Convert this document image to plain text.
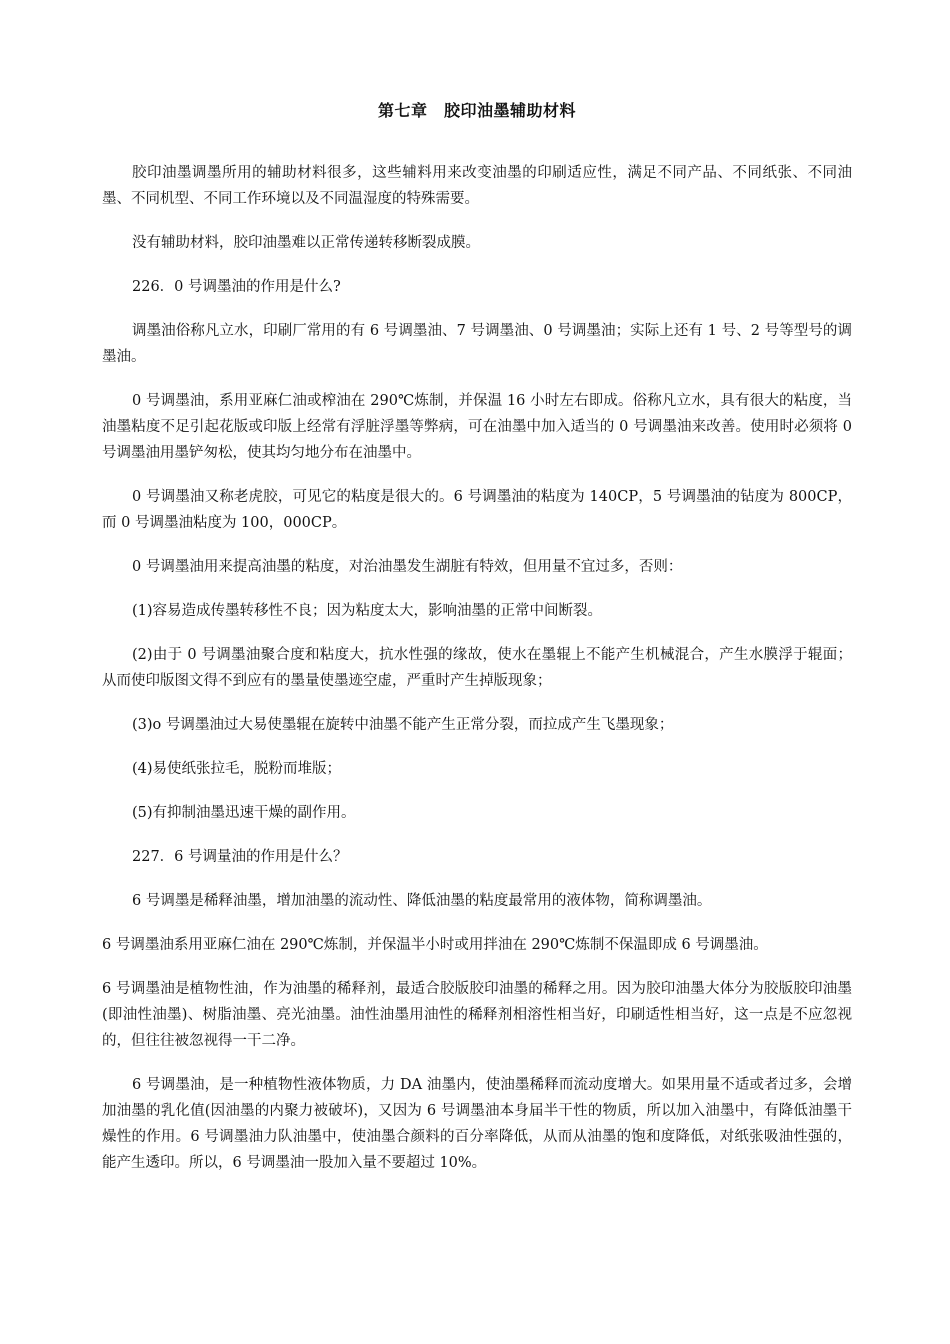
第七章　胶印油墨辅助材料

胶印油墨调墨所用的辅助材料很多，这些辅料用来改变油墨的印刷适应性，满足不同产品、不同纸张、不同油墨、不同机型、不同工作环境以及不同温湿度的特殊需要。

没有辅助材料，胶印油墨难以正常传递转移断裂成膜。

226．0 号调墨油的作用是什么?

调墨油俗称凡立水，印刷厂常用的有 6 号调墨油、7 号调墨油、0 号调墨油；实际上还有 1 号、2 号等型号的调墨油。

0 号调墨油，系用亚麻仁油或榨油在 290℃炼制，并保温 16 小时左右即成。俗称凡立水，具有很大的粘度，当油墨粘度不足引起花版或印版上经常有浮脏浮墨等弊病，可在油墨中加入适当的 0 号调墨油来改善。使用时必须将 0 号调墨油用墨铲匆松，使其均匀地分布在油墨中。

0 号调墨油又称老虎胶，可见它的粘度是很大的。6 号调墨油的粘度为 140CP，5 号调墨油的钻度为 800CP，而 0 号调墨油粘度为 100，000CP。

0 号调墨油用来提高油墨的粘度，对治油墨发生湖脏有特效，但用量不宜过多，否则：

(1)容易造成传墨转移性不良；因为粘度太大，影响油墨的正常中间断裂。

(2)由于 0 号调墨油聚合度和粘度大，抗水性强的缘故，使水在墨辊上不能产生机械混合，产生水膜浮于辊面；从而使印版图文得不到应有的墨量使墨迹空虚，严重时产生掉版现象；

(3)o 号调墨油过大易使墨辊在旋转中油墨不能产生正常分裂，而拉成产生飞墨现象；

(4)易使纸张拉毛，脱粉而堆版；

(5)有抑制油墨迅速干燥的副作用。

227．6 号调量油的作用是什么？

6 号调墨是稀释油墨，增加油墨的流动性、降低油墨的粘度最常用的液体物，简称调墨油。

6 号调墨油系用亚麻仁油在 290℃炼制，并保温半小时或用拌油在 290℃炼制不保温即成 6 号调墨油。

6 号调墨油是植物性油，作为油墨的稀释剂，最适合胶版胶印油墨的稀释之用。因为胶印油墨大体分为胶版胶印油墨(即油性油墨)、树脂油墨、亮光油墨。油性油墨用油性的稀释剂相溶性相当好，印刷适性相当好，这一点是不应忽视的，但往往被忽视得一干二净。

6 号调墨油，是一种植物性液体物质，力 DA 油墨内，使油墨稀释而流动度增大。如果用量不适或者过多，会增加油墨的乳化值(因油墨的内聚力被破坏)，又因为 6 号调墨油本身届半干性的物质，所以加入油墨中，有降低油墨干燥性的作用。6 号调墨油力队油墨中，使油墨合颜料的百分率降低，从而从油墨的饱和度降低，对纸张吸油性强的，能产生透印。所以，6 号调墨油一股加入量不要超过 10%。
